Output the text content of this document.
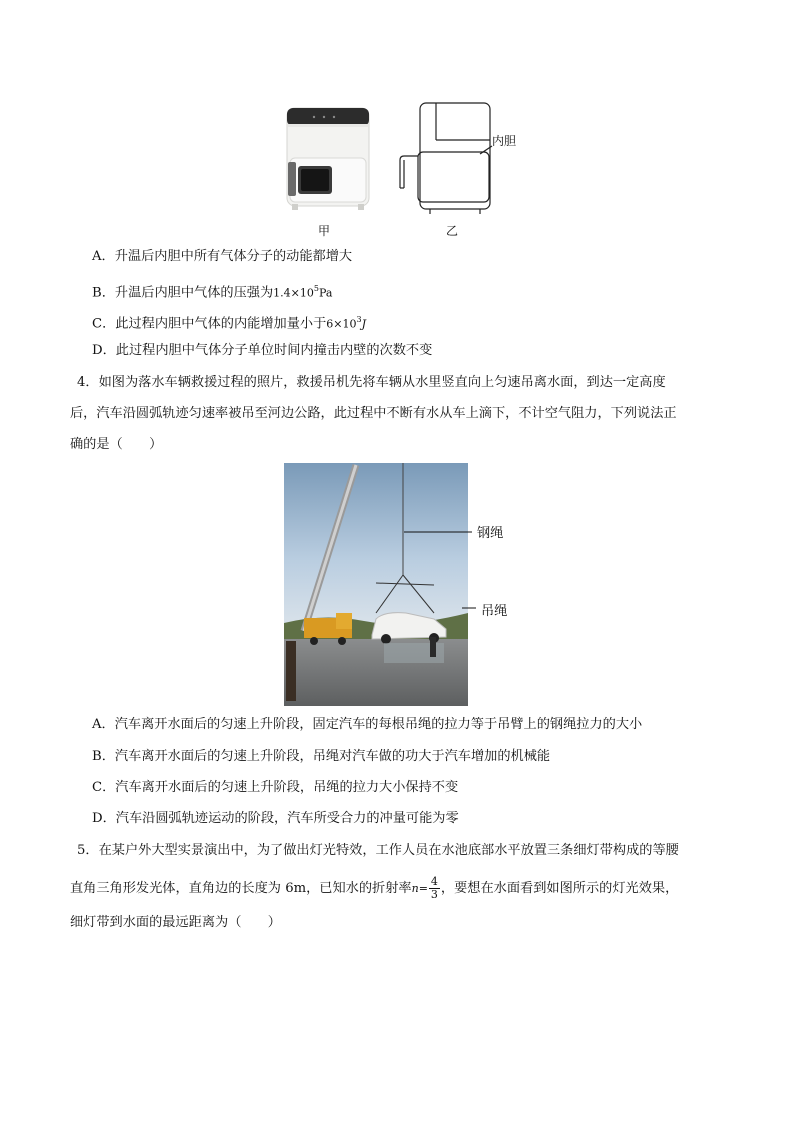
甲	乙
内胆
A．升温后内胆中所有气体分子的动能都增大
B．升温后内胆中气体的压强为$1.4\times 10^5Pa$
C．此过程内胆中气体的内能增加量小于$6\times 10^3J$
D．此过程内胆中气体分子单位时间内撞击内壁的次数不变
4．如图为落水车辆救援过程的照片，救援吊机先将车辆从水里竖直向上匀速吊离水面，到达一定高度
后，汽车沿圆弧轨迹匀速率被吊至河边公路，此过程中不断有水从车上滴下，不计空气阻力，下列说法正
确的是（　　）
钢绳
吊绳
A．汽车离开水面后的匀速上升阶段，固定汽车的每根吊绳的拉力等于吊臂上的钢绳拉力的大小
B．汽车离开水面后的匀速上升阶段，吊绳对汽车做的功大于汽车增加的机械能
C．汽车离开水面后的匀速上升阶段，吊绳的拉力大小保持不变
D．汽车沿圆弧轨迹运动的阶段，汽车所受合力的冲量可能为零
5．在某户外大型实景演出中，为了做出灯光特效，工作人员在水池底部水平放置三条细灯带构成的等腰
直角三角形发光体，直角边的长度为 6m，已知水的折射率$n= \frac{4}{3}$ ，要想在水面看到如图所示的灯光效果，
细灯带到水面的最远距离为（　　）
